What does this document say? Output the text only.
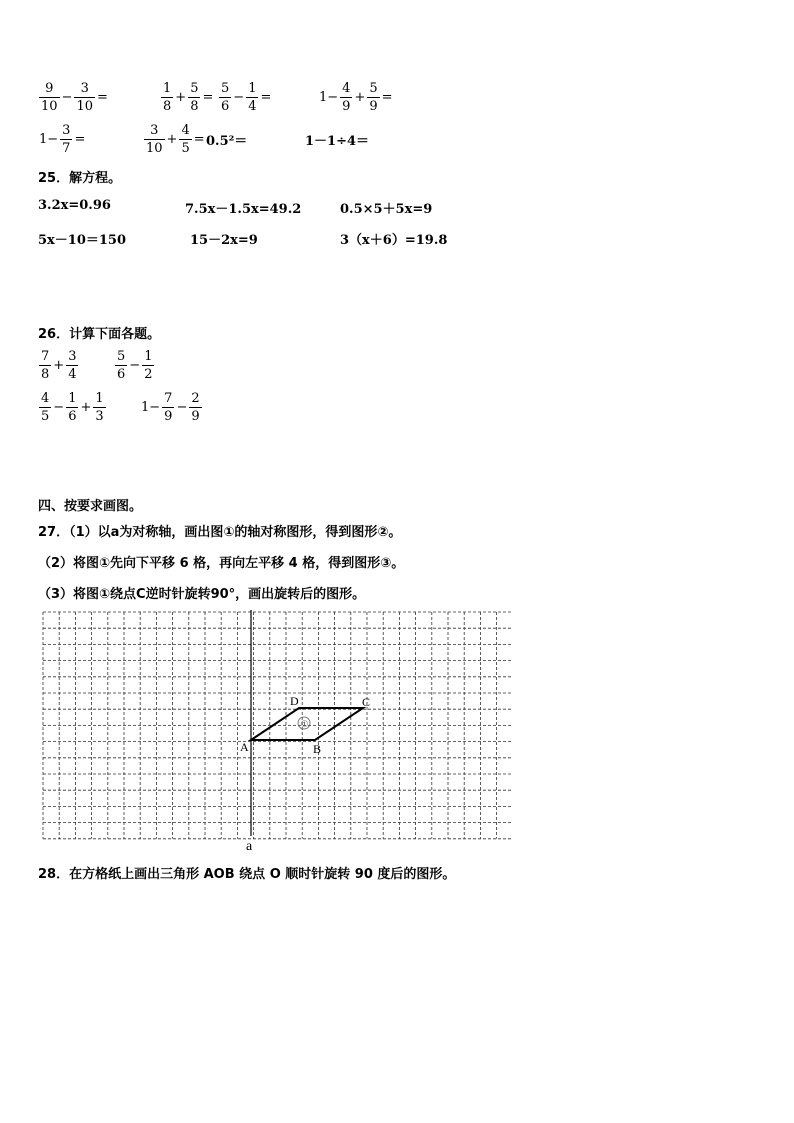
$\frac{9}{10} - \frac{3}{10}$ =	$\frac{1}{8} + \frac{5}{8} = \frac{5}{6} - \frac{1}{4}$ =	$1- \frac{4}{9} + \frac{5}{9}$ =
$1- \frac{3}{7}$ =	$\frac{3}{10} + \frac{4}{5} = 0.5^2=$	1－1÷4＝
25．解方程。
3.2x=0.96	7.5x－1.5x=49.2	0.5×5＋5x=9
5x－10＝150	15－2x=9	3（x＋6）=19.8
26．计算下面各题。
$\frac{7}{8} + \frac{3}{4}$	$\frac{5}{6} - \frac{1}{2}$
$\frac{4}{5} - \frac{1}{6} + \frac{1}{3}$	$1- \frac{7}{9} - \frac{2}{9}$
四、按要求画图。
27．（1）以a为对称轴，画出图①的轴对称图形，得到图形②。
（2）将图①先向下平移 6 格，再向左平移 4 格，得到图形③。
（3）将图①绕点C逆时针旋转90°，画出旋转后的图形。
a
①
A	B
C
D
28．在方格纸上画出三角形 AOB 绕点 O 顺时针旋转 90 度后的图形。
